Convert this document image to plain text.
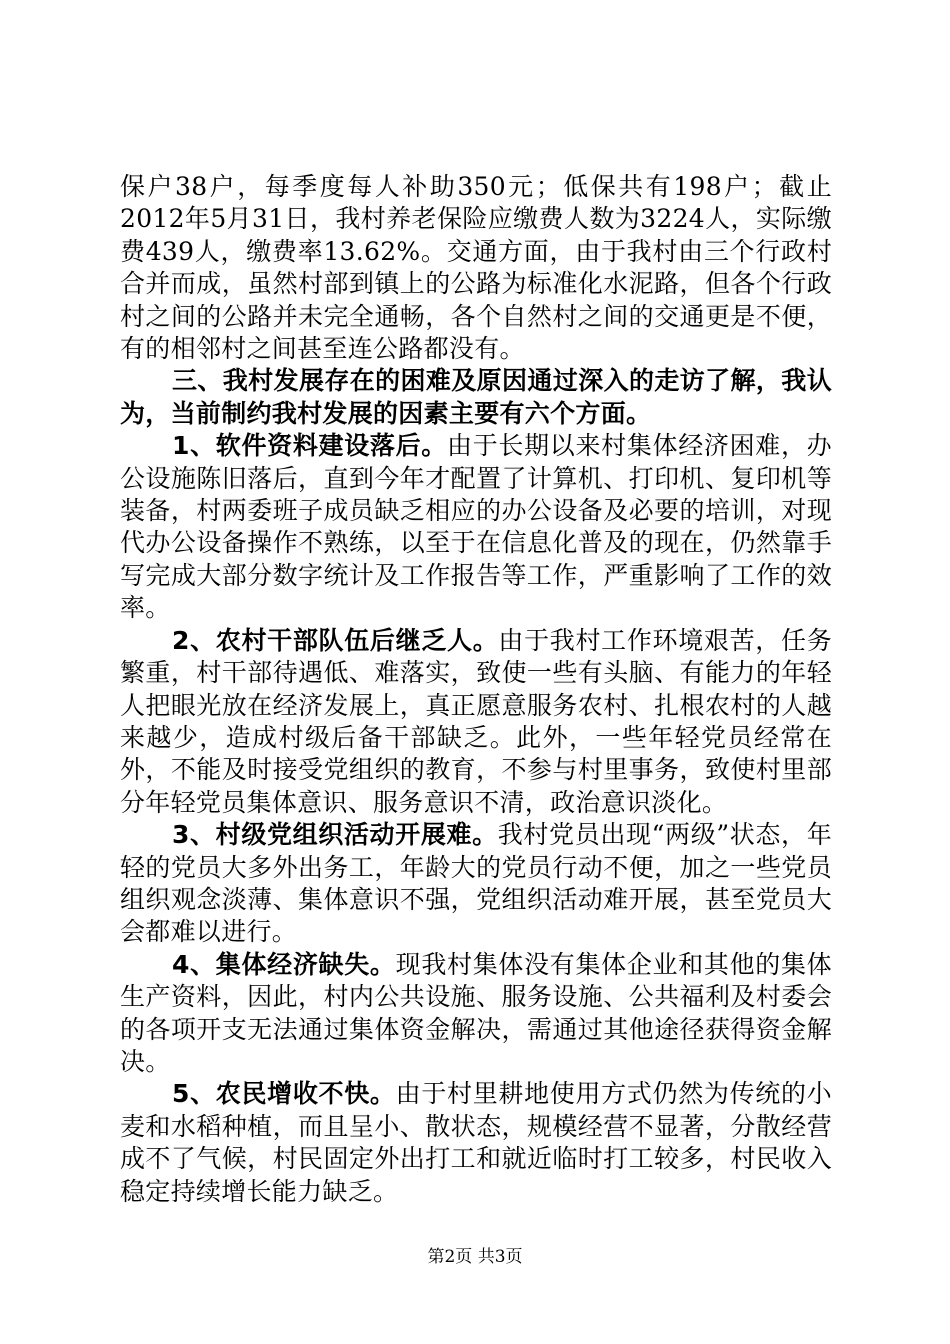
保户38户，每季度每人补助350元；低保共有198户；截止2012年5月31日，我村养老保险应缴费人数为3224人，实际缴费439人，缴费率13.62%。交通方面，由于我村由三个行政村合并而成，虽然村部到镇上的公路为标准化水泥路，但各个行政村之间的公路并未完全通畅，各个自然村之间的交通更是不便，有的相邻村之间甚至连公路都没有。

三、我村发展存在的困难及原因通过深入的走访了解，我认为，当前制约我村发展的因素主要有六个方面。

1、软件资料建设落后。由于长期以来村集体经济困难，办公设施陈旧落后，直到今年才配置了计算机、打印机、复印机等装备，村两委班子成员缺乏相应的办公设备及必要的培训，对现代办公设备操作不熟练，以至于在信息化普及的现在，仍然靠手写完成大部分数字统计及工作报告等工作，严重影响了工作的效率。

2、农村干部队伍后继乏人。由于我村工作环境艰苦，任务繁重，村干部待遇低、难落实，致使一些有头脑、有能力的年轻人把眼光放在经济发展上，真正愿意服务农村、扎根农村的人越来越少，造成村级后备干部缺乏。此外，一些年轻党员经常在外，不能及时接受党组织的教育，不参与村里事务，致使村里部分年轻党员集体意识、服务意识不清，政治意识淡化。

3、村级党组织活动开展难。我村党员出现“两级”状态，年轻的党员大多外出务工，年龄大的党员行动不便，加之一些党员组织观念淡薄、集体意识不强，党组织活动难开展，甚至党员大会都难以进行。

4、集体经济缺失。现我村集体没有集体企业和其他的集体生产资料，因此，村内公共设施、服务设施、公共福利及村委会的各项开支无法通过集体资金解决，需通过其他途径获得资金解决。

5、农民增收不快。由于村里耕地使用方式仍然为传统的小麦和水稻种植，而且呈小、散状态，规模经营不显著，分散经营成不了气候，村民固定外出打工和就近临时打工较多，村民收入稳定持续增长能力缺乏。

第2页 共3页
